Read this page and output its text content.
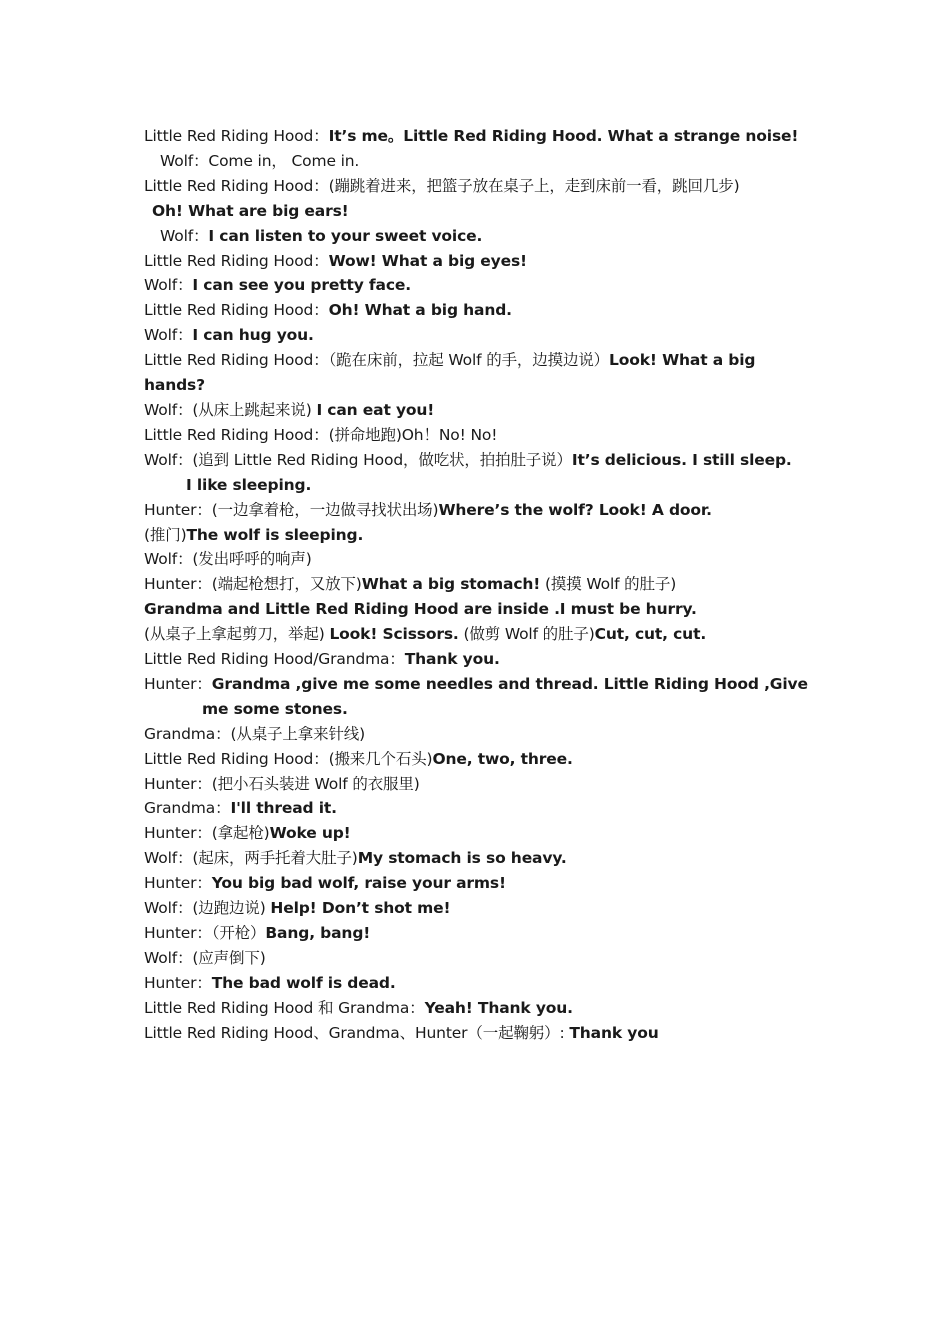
Little Red Riding Hood：It’s me。Little Red Riding Hood. What a strange noise!

Wolf：Come in， Come in.

Little Red Riding Hood：(蹦跳着进来，把篮子放在桌子上，走到床前一看，跳回几步)

Oh! What are big ears!

Wolf：I can listen to your sweet voice.

Little Red Riding Hood：Wow! What a big eyes!

Wolf：I can see you pretty face.

Little Red Riding Hood：Oh! What a big hand.

Wolf：I can hug you.

Little Red Riding Hood：（跪在床前，拉起 Wolf 的手，边摸边说）Look! What a big
hands?

Wolf：(从床上跳起来说) I can eat you!

Little Red Riding Hood：(拼命地跑)Oh！No! No!

Wolf：(追到 Little Red Riding Hood，做吃状，拍拍肚子说）It’s delicious. I still sleep.
I like sleeping.

Hunter：(一边拿着枪，一边做寻找状出场)Where’s the wolf? Look! A door.

(推门)The wolf is sleeping.

Wolf：(发出呼呼的响声)

Hunter：(端起枪想打，又放下)What a big stomach! (摸摸 Wolf 的肚子)

Grandma and Little Red Riding Hood are inside .I must be hurry.

(从桌子上拿起剪刀，举起) Look! Scissors. (做剪 Wolf 的肚子)Cut, cut, cut.

Little Red Riding Hood/Grandma：Thank you.

Hunter：Grandma ,give me some needles and thread. Little Riding Hood ,Give
me some stones.

Grandma：(从桌子上拿来针线)

Little Red Riding Hood：(搬来几个石头)One, two, three.

Hunter：(把小石头装进 Wolf 的衣服里)

Grandma：I'll thread it.

Hunter：(拿起枪)Woke up!

Wolf：(起床，两手托着大肚子)My stomach is so heavy.

Hunter：You big bad wolf, raise your arms!

Wolf：(边跑边说) Help! Don’t shot me!

Hunter：（开枪）Bang, bang!

Wolf：(应声倒下)

Hunter：The bad wolf is dead.

Little Red Riding Hood 和 Grandma：Yeah! Thank you.

Little Red Riding Hood、Grandma、Hunter（一起鞠躬）: Thank you
